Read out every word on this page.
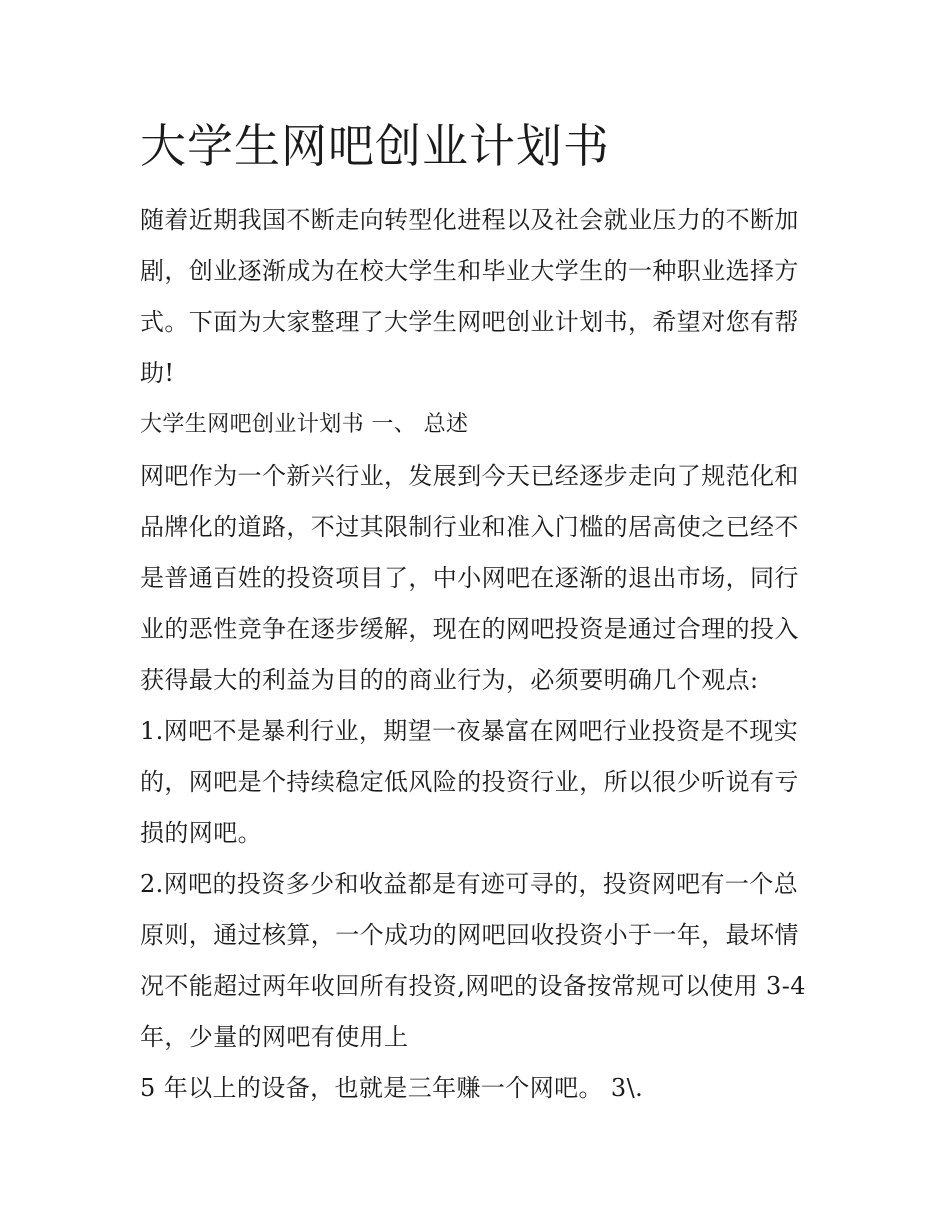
大学生网吧创业计划书

随着近期我国不断走向转型化进程以及社会就业压力的不断加

剧，创业逐渐成为在校大学生和毕业大学生的一种职业选择方

式。下面为大家整理了大学生网吧创业计划书，希望对您有帮

助!

大学生网吧创业计划书 一、 总述

网吧作为一个新兴行业，发展到今天已经逐步走向了规范化和

品牌化的道路，不过其限制行业和准入门槛的居高使之已经不

是普通百姓的投资项目了，中小网吧在逐渐的退出市场，同行

业的恶性竞争在逐步缓解，现在的网吧投资是通过合理的投入

获得最大的利益为目的的商业行为，必须要明确几个观点:

1.网吧不是暴利行业，期望一夜暴富在网吧行业投资是不现实

的，网吧是个持续稳定低风险的投资行业，所以很少听说有亏

损的网吧。

2.网吧的投资多少和收益都是有迹可寻的，投资网吧有一个总

原则，通过核算，一个成功的网吧回收投资小于一年，最坏情

况不能超过两年收回所有投资,网吧的设备按常规可以使用 3-4

年，少量的网吧有使用上

5 年以上的设备，也就是三年赚一个网吧。 3\.
